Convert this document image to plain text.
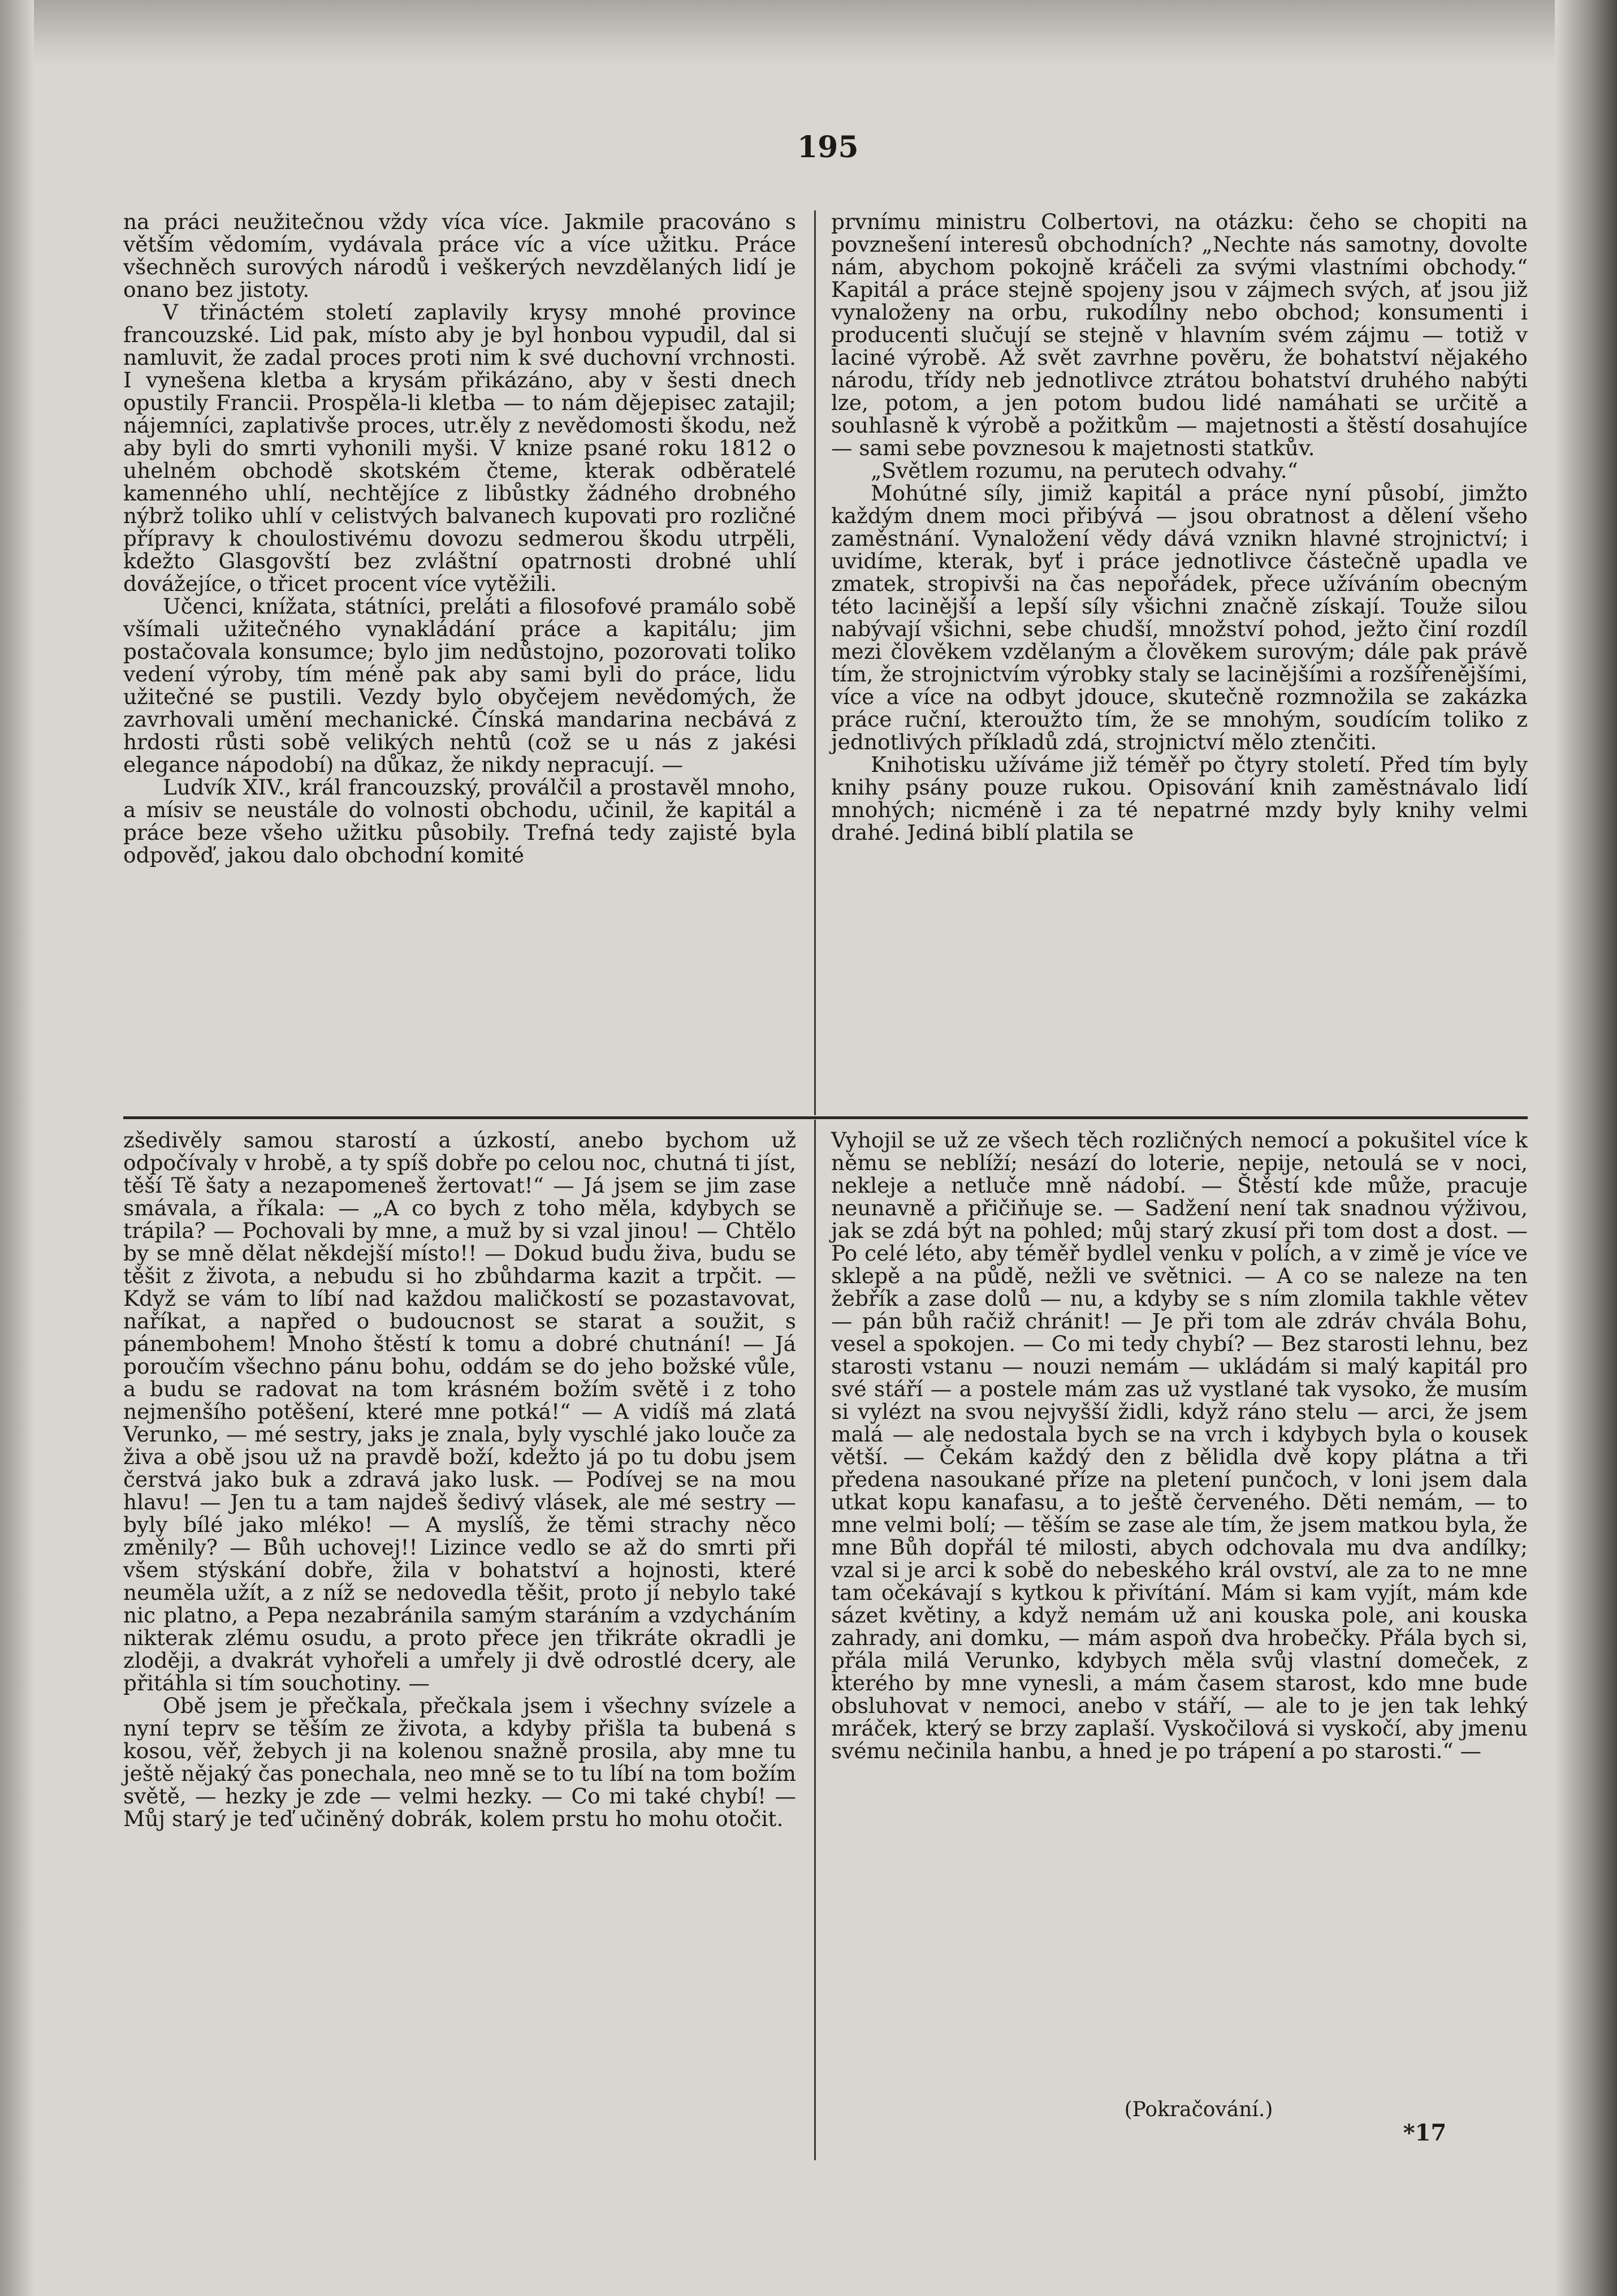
195

na práci neužitečnou vždy vícа více. Jakmile pracováno s větším vědomím, vydávala práce víc a více užitku. Práce všechněch surových národů i veškerých nevzdělaných lidí je onano bez jistoty.

V třináctém století zaplavily krysy mnohé province francouzské. Lid pak, místo aby je byl honbou vypudil, dal si namluvit, že zadal proces proti nim k své duchovní vrchnosti. I vynešena kletba a krysám přikázáno, aby v šesti dnech opustily Francii. Prospěla-li kletba — to nám dějepisec zatajil; nájemníci, zaplativše proces, utr.ěly z nevědomosti škodu, než aby byli do smrti vyhonili myši. V knize psané roku 1812 o uhelném obchodě skotském čteme, kterak odběratelé kamenného uhlí, nechtějíce z libůstky žádného drobného nýbrž toliko uhlí v celistvých balvanech kupovati pro rozličné přípravy k choulostivému dovozu sedmerou škodu utrpěli, kdežto Glasgovští bez zvláštní opatrnosti drobné uhlí dovážejíce, o třicet procent více vytěžili.

Učenci, knížata, státníci, preláti a filosofové pramálo sobě všímali užitečného vynakládání práce a kapitálu; jim postačovala konsumce; bylo jim nedůstojno, pozorovati toliko vedení výroby, tím méně pak aby sami byli do práce, lidu užitečné se pustili. Vezdy bylo obyčejem nevědomých, že zavrhovali umění mechanické. Čínská mandarina necbává z hrdosti růsti sobě velikých nehtů (což se u nás z jakési elegance nápodobí) na důkaz, že nikdy nepracují. —

Ludvík XIV., král francouzský, proválčil a prostavěl mnoho, a mísiv se neustále do volnosti obchodu, učinil, že kapitál a práce beze všeho užitku působily. Trefná tedy zajisté byla odpověď, jakou dalo obchodní komité

prvnímu ministru Colbertovi, na otázku: čeho se chopiti na povznešení interesů obchodních? „Nechte nás samotny, dovolte nám, abychom pokojně kráčeli za svými vlastními obchody.“ Kapitál a práce stejně spojeny jsou v zájmech svých, ať jsou již vynaloženy na orbu, rukodílny nebo obchod; konsumenti i producenti slučují se stejně v hlavním svém zájmu — totiž v laciné výrobě. Až svět zavrhne pověru, že bohatství nějakého národu, třídy neb jednotlivce ztrátou bohatství druhého nabýti lze, potom, a jen potom budou lidé namáhati se určitě a souhlasně k výrobě a požitkům — majetnosti a štěstí dosahujíce — sami sebe povznesou k majetnosti statkův.

„Světlem rozumu, na perutech odvahy.“

Mohútné síly, jimiž kapitál a práce nyní působí, jimžto každým dnem moci přibývá — jsou obratnost a dělení všeho zaměstnání. Vynaložení vědy dává vznikn hlavné strojnictví; i uvidíme, kterak, byť i práce jednotlivce částečně upadla ve zmatek, stropivši na čas nepořádek, přece užíváním obecným této lacinější a lepší síly všichni značně získají. Touže silou nabývají všichni, sebe chudší, množství pohod, ježto činí rozdíl mezi člověkem vzdělaným a člověkem surovým; dále pak právě tím, že strojnictvím výrobky staly se lacinějšími a rozšířenějšími, více a více na odbyt jdouce, skutečně rozmnožila se zakázka práce ruční, kteroužto tím, že se mnohým, soudícím toliko z jednotlivých příkladů zdá, strojnictví mělo ztenčiti.

Knihotisku užíváme již téměř po čtyry století. Před tím byly knihy psány pouze rukou. Opisování knih zaměstnávalo lidí mnohých; nicméně i za té nepatrné mzdy byly knihy velmi drahé. Jediná biblí platila se

zšedivěly samou starostí a úzkostí, anebo bychom už odpočívaly v hrobě, a ty spíš dobře po celou noc, chutná ti jíst, těší Tě šaty a nezapomeneš žertovat!“ — Já jsem se jim zase smávala, a říkala: — „A co bych z toho měla, kdybych se trápila? — Pochovali by mne, a muž by si vzal jinou! — Chtělo by se mně dělat někdejší místo!! — Dokud budu živa, budu se těšit z života, a nebudu si ho zbůhdarma kazit a trpčit. — Když se vám to líbí nad každou maličkostí se pozastavovat, naříkat, a napřed o budoucnost se starat a soužit, s pánembohem! Mnoho štěstí k tomu a dobré chutnání! — Já poroučím všechno pánu bohu, oddám se do jeho božské vůle, a budu se radovat na tom krásném božím světě i z toho nejmenšího potěšení, které mne potká!“ — A vidíš má zlatá Verunko, — mé sestry, jaks je znala, byly vyschlé jako louče za živa a obě jsou už na pravdě boží, kdežto já po tu dobu jsem čerstvá jako buk a zdravá jako lusk. — Podívej se na mou hlavu! — Jen tu a tam najdeš šedivý vlásek, ale mé sestry — byly bílé jako mléko! — A myslíš, že těmi strachy něco změnily? — Bůh uchovej!! Lizince vedlo se až do smrti při všem stýskání dobře, žila v bohatství a hojnosti, které neuměla užít, a z níž se nedovedla těšit, proto jí nebylo také nic platno, a Pepa nezabránila samým staráním a vzdycháním nikterak zlému osudu, a proto přece jen třikráte okradli je zloději, a dvakrát vyhořeli a umřely ji dvě odrostlé dcery, ale přitáhla si tím souchotiny. —

Obě jsem je přečkala, přečkala jsem i všechny svízele a nyní teprv se těším ze života, a kdyby přišla ta bubená s kosou, věř, žebych ji na kolenou snažně prosila, aby mne tu ještě nějaký čas ponechala, neo mně se to tu líbí na tom božím světě, — hezky je zde — velmi hezky. — Co mi také chybí! — Můj starý je teď učiněný dobrák, kolem prstu ho mohu otočit.

Vyhojil se už ze všech těch rozličných nemocí a pokušitel více k němu se neblíží; nesází do loterie, nepije, netoulá se v noci, nekleje a netluče mně nádobí. — Štěstí kde může, pracuje neunavně a přičiňuje se. — Sadžení není tak snadnou výživou, jak se zdá být na pohled; můj starý zkusí při tom dost a dost. — Po celé léto, aby téměř bydlel venku v polích, a v zimě je více ve sklepě a na půdě, nežli ve světnici. — A co se naleze na ten žebřík a zase dolů — nu, a kdyby se s ním zlomila takhle větev — pán bůh račiž chránit! — Je při tom ale zdráv chvála Bohu, vesel a spokojen. — Co mi tedy chybí? — Bez starosti lehnu, bez starosti vstanu — nouzi nemám — ukládám si malý kapitál pro své stáří — a postele mám zas už vystlané tak vysoko, že musím si vylézt na svou nejvyšší židli, když ráno stelu — arci, že jsem malá — ale nedostala bych se na vrch i kdybych byla o kousek větší. — Čekám každý den z bělidla dvě kopy plátna a tři předena nasoukané příze na pletení punčoch, v loni jsem dala utkat kopu kanafasu, a to ještě červeného. Děti nemám, — to mne velmi bolí; — těším se zase ale tím, že jsem matkou byla, že mne Bůh dopřál té milosti, abych odchovala mu dva andílky; vzal si je arci k sobě do nebeského král ovství, ale za to ne mne tam očekávají s kytkou k přivítání. Mám si kam vyjít, mám kde sázet květiny, a když nemám už ani kouska pole, ani kouska zahrady, ani domku, — mám aspoň dva hrobečky. Přála bych si, přála milá Verunko, kdybych měla svůj vlastní domeček, z kterého by mne vynesli, a mám časem starost, kdo mne bude obsluhovat v nemoci, anebo v stáří, — ale to je jen tak lehký mráček, který se brzy zaplaší. Vyskočilová si vyskočí, aby jmenu svému nečinila hanbu, a hned je po trápení a po starosti.“ —

(Pokračování.)
*17
